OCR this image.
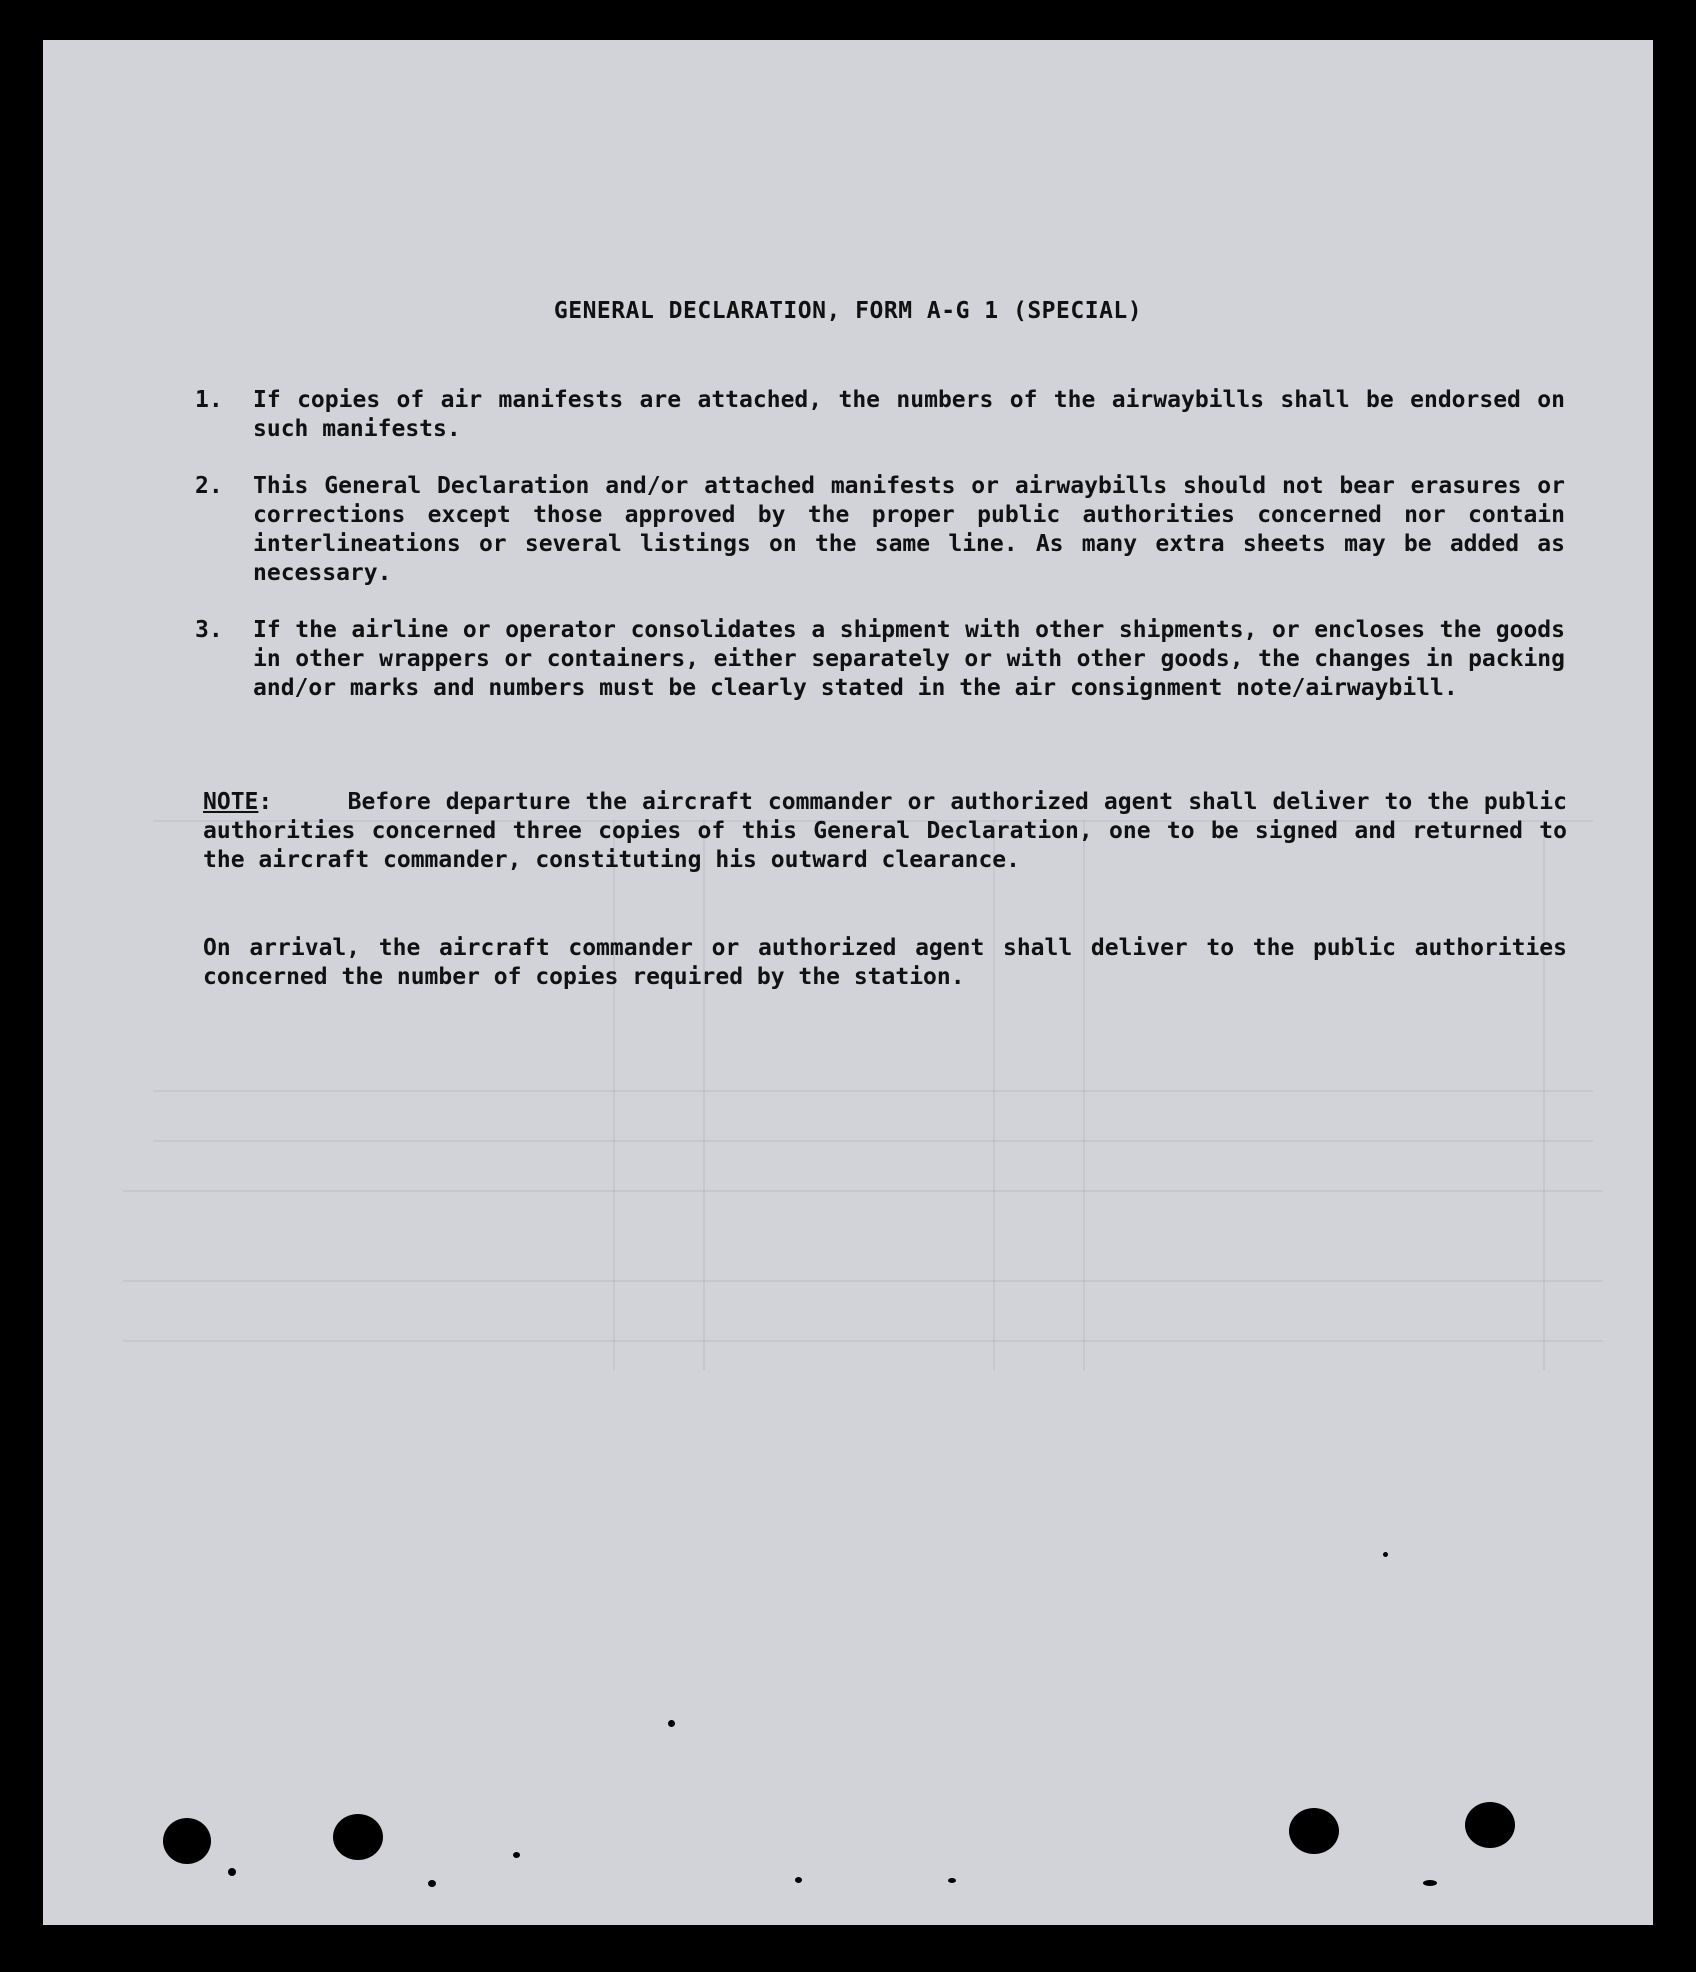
GENERAL DECLARATION, FORM A-G 1 (SPECIAL)
1.	If copies of air manifests are attached, the numbers of the airwaybills shall be endorsed on such manifests.
2.	This General Declaration and/or attached manifests or airwaybills should not bear erasures or corrections except those approved by the proper public authorities concerned nor contain interlineations or several listings on the same line. As many extra sheets may be added as necessary.
3.	If the airline or operator consolidates a shipment with other shipments, or encloses the goods in other wrappers or containers, either separately or with other goods, the changes in packing and/or marks and numbers must be clearly stated in the air consignment note/airwaybill.
NOTE:     Before departure the aircraft commander or authorized agent shall deliver to the public authorities concerned three copies of this General Declaration, one to be signed and returned to the aircraft commander, constituting his outward clearance.
On arrival, the aircraft commander or authorized agent shall deliver to the public authorities concerned the number of copies required by the station.
